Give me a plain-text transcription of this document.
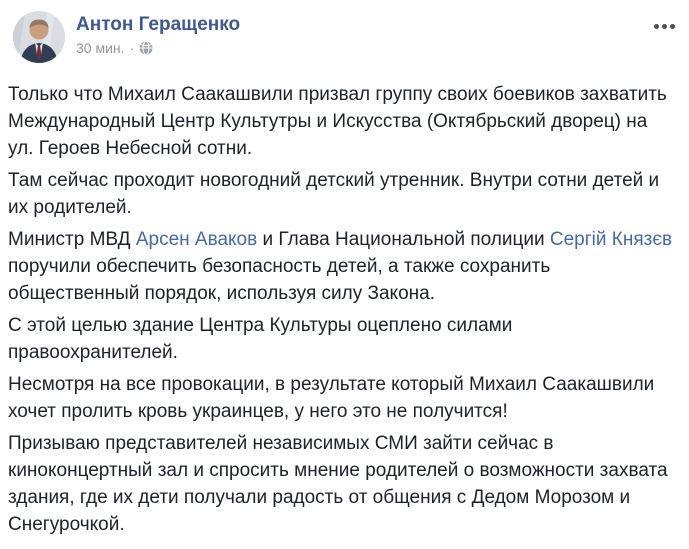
Антон Геращенко
30 мин. ·

Только что Михаил Саакашвили призвал группу своих боевиков захватить
Международный Центр Культутры и Искусства (Октябрьский дворец) на
ул. Героев Небесной сотни.

Там сейчас проходит новогодний детский утренник. Внутри сотни детей и
их родителей.

Министр МВД Арсен Аваков и Глава Национальной полиции Сергій Князєв
поручили обеспечить безопасность детей, а также сохранить
общественный порядок, используя силу Закона.

С этой целью здание Центра Культуры оцеплено силами
правоохранителей.

Несмотря на все провокации, в результате который Михаил Саакашвили
хочет пролить кровь украинцев, у него это не получится!

Призываю представителей независимых СМИ зайти сейчас в
киноконцертный зал и спросить мнение родителей о возможности захвата
здания, где их дети получали радость от общения с Дедом Морозом и
Снегурочкой.
